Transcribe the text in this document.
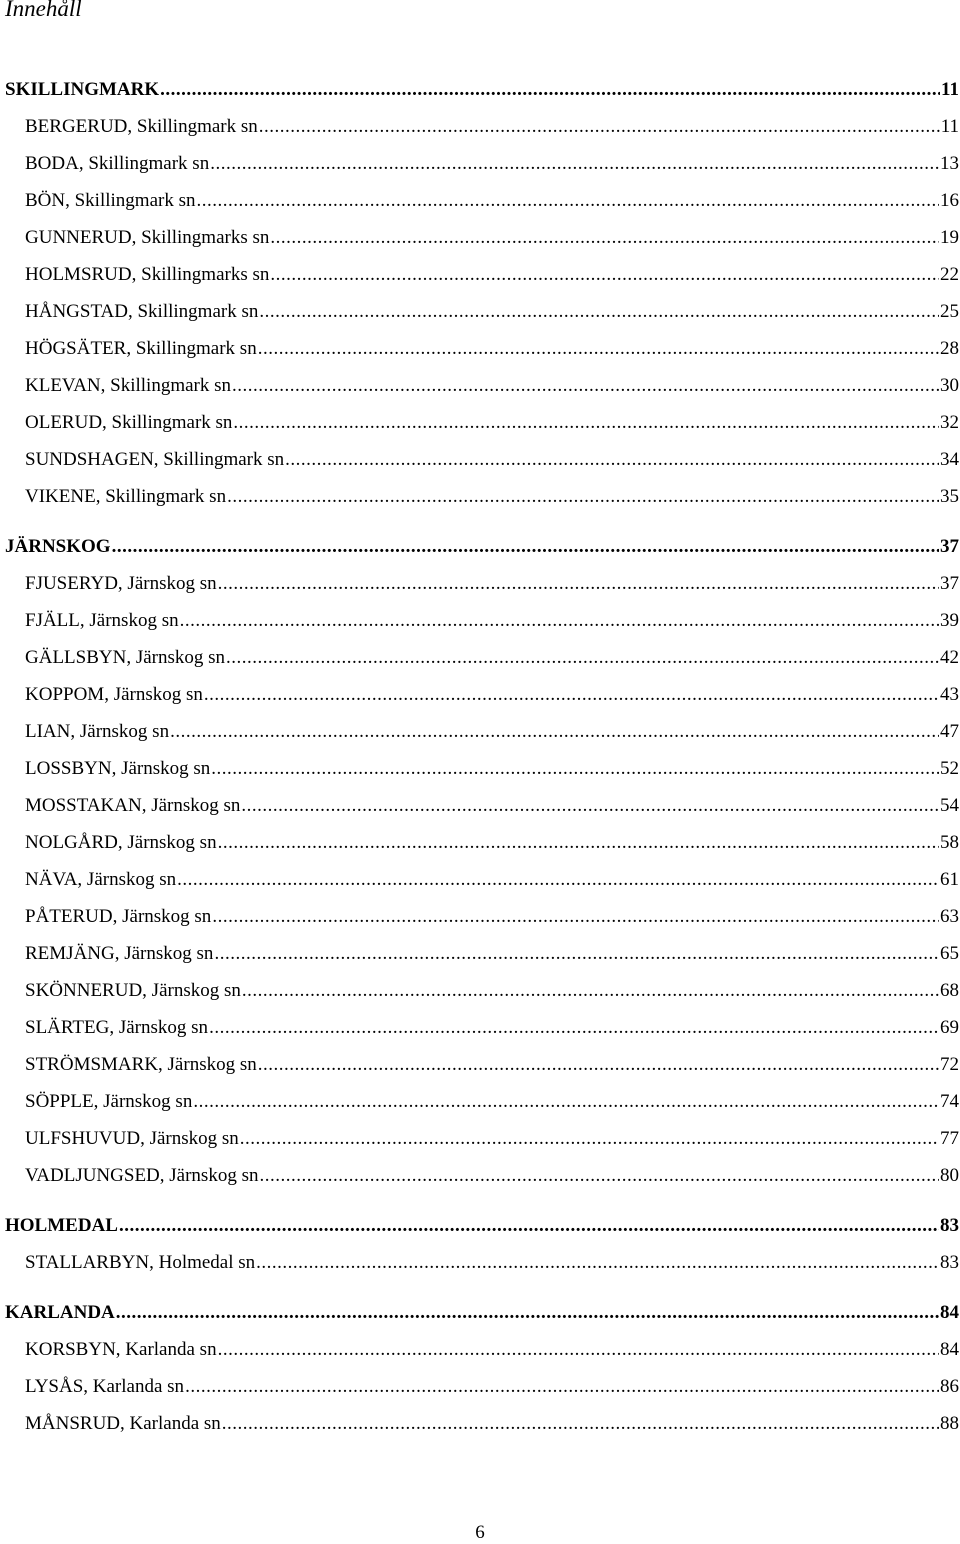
Innehåll
SKILLINGMARK .....	11
BERGERUD, Skillingmark sn .....	11
BODA, Skillingmark sn .....	13
BÖN, Skillingmark sn .....	16
GUNNERUD, Skillingmarks sn .....	19
HOLMSRUD, Skillingmarks sn .....	22
HÅNGSTAD, Skillingmark sn .....	25
HÖGSÄTER, Skillingmark sn .....	28
KLEVAN, Skillingmark sn .....	30
OLERUD, Skillingmark sn .....	32
SUNDSHAGEN, Skillingmark sn .....	34
VIKENE, Skillingmark sn .....	35
JÄRNSKOG .....	37
FJUSERYD, Järnskog sn .....	37
FJÄLL, Järnskog sn .....	39
GÄLLSBYN, Järnskog sn .....	42
KOPPOM, Järnskog sn .....	43
LIAN, Järnskog sn .....	47
LOSSBYN, Järnskog sn .....	52
MOSSTAKAN, Järnskog sn .....	54
NOLGÅRD, Järnskog sn .....	58
NÄVA, Järnskog sn .....	61
PÅTERUD, Järnskog sn .....	63
REMJÄNG, Järnskog sn .....	65
SKÖNNERUD, Järnskog sn .....	68
SLÄRTEG, Järnskog sn .....	69
STRÖMSMARK, Järnskog sn .....	72
SÖPPLE, Järnskog sn .....	74
ULFSHUVUD, Järnskog sn .....	77
VADLJUNGSED, Järnskog sn .....	80
HOLMEDAL .....	83
STALLARBYN, Holmedal sn .....	83
KARLANDA .....	84
KORSBYN, Karlanda sn .....	84
LYSÅS, Karlanda sn .....	86
MÅNSRUD, Karlanda sn .....	88
6
